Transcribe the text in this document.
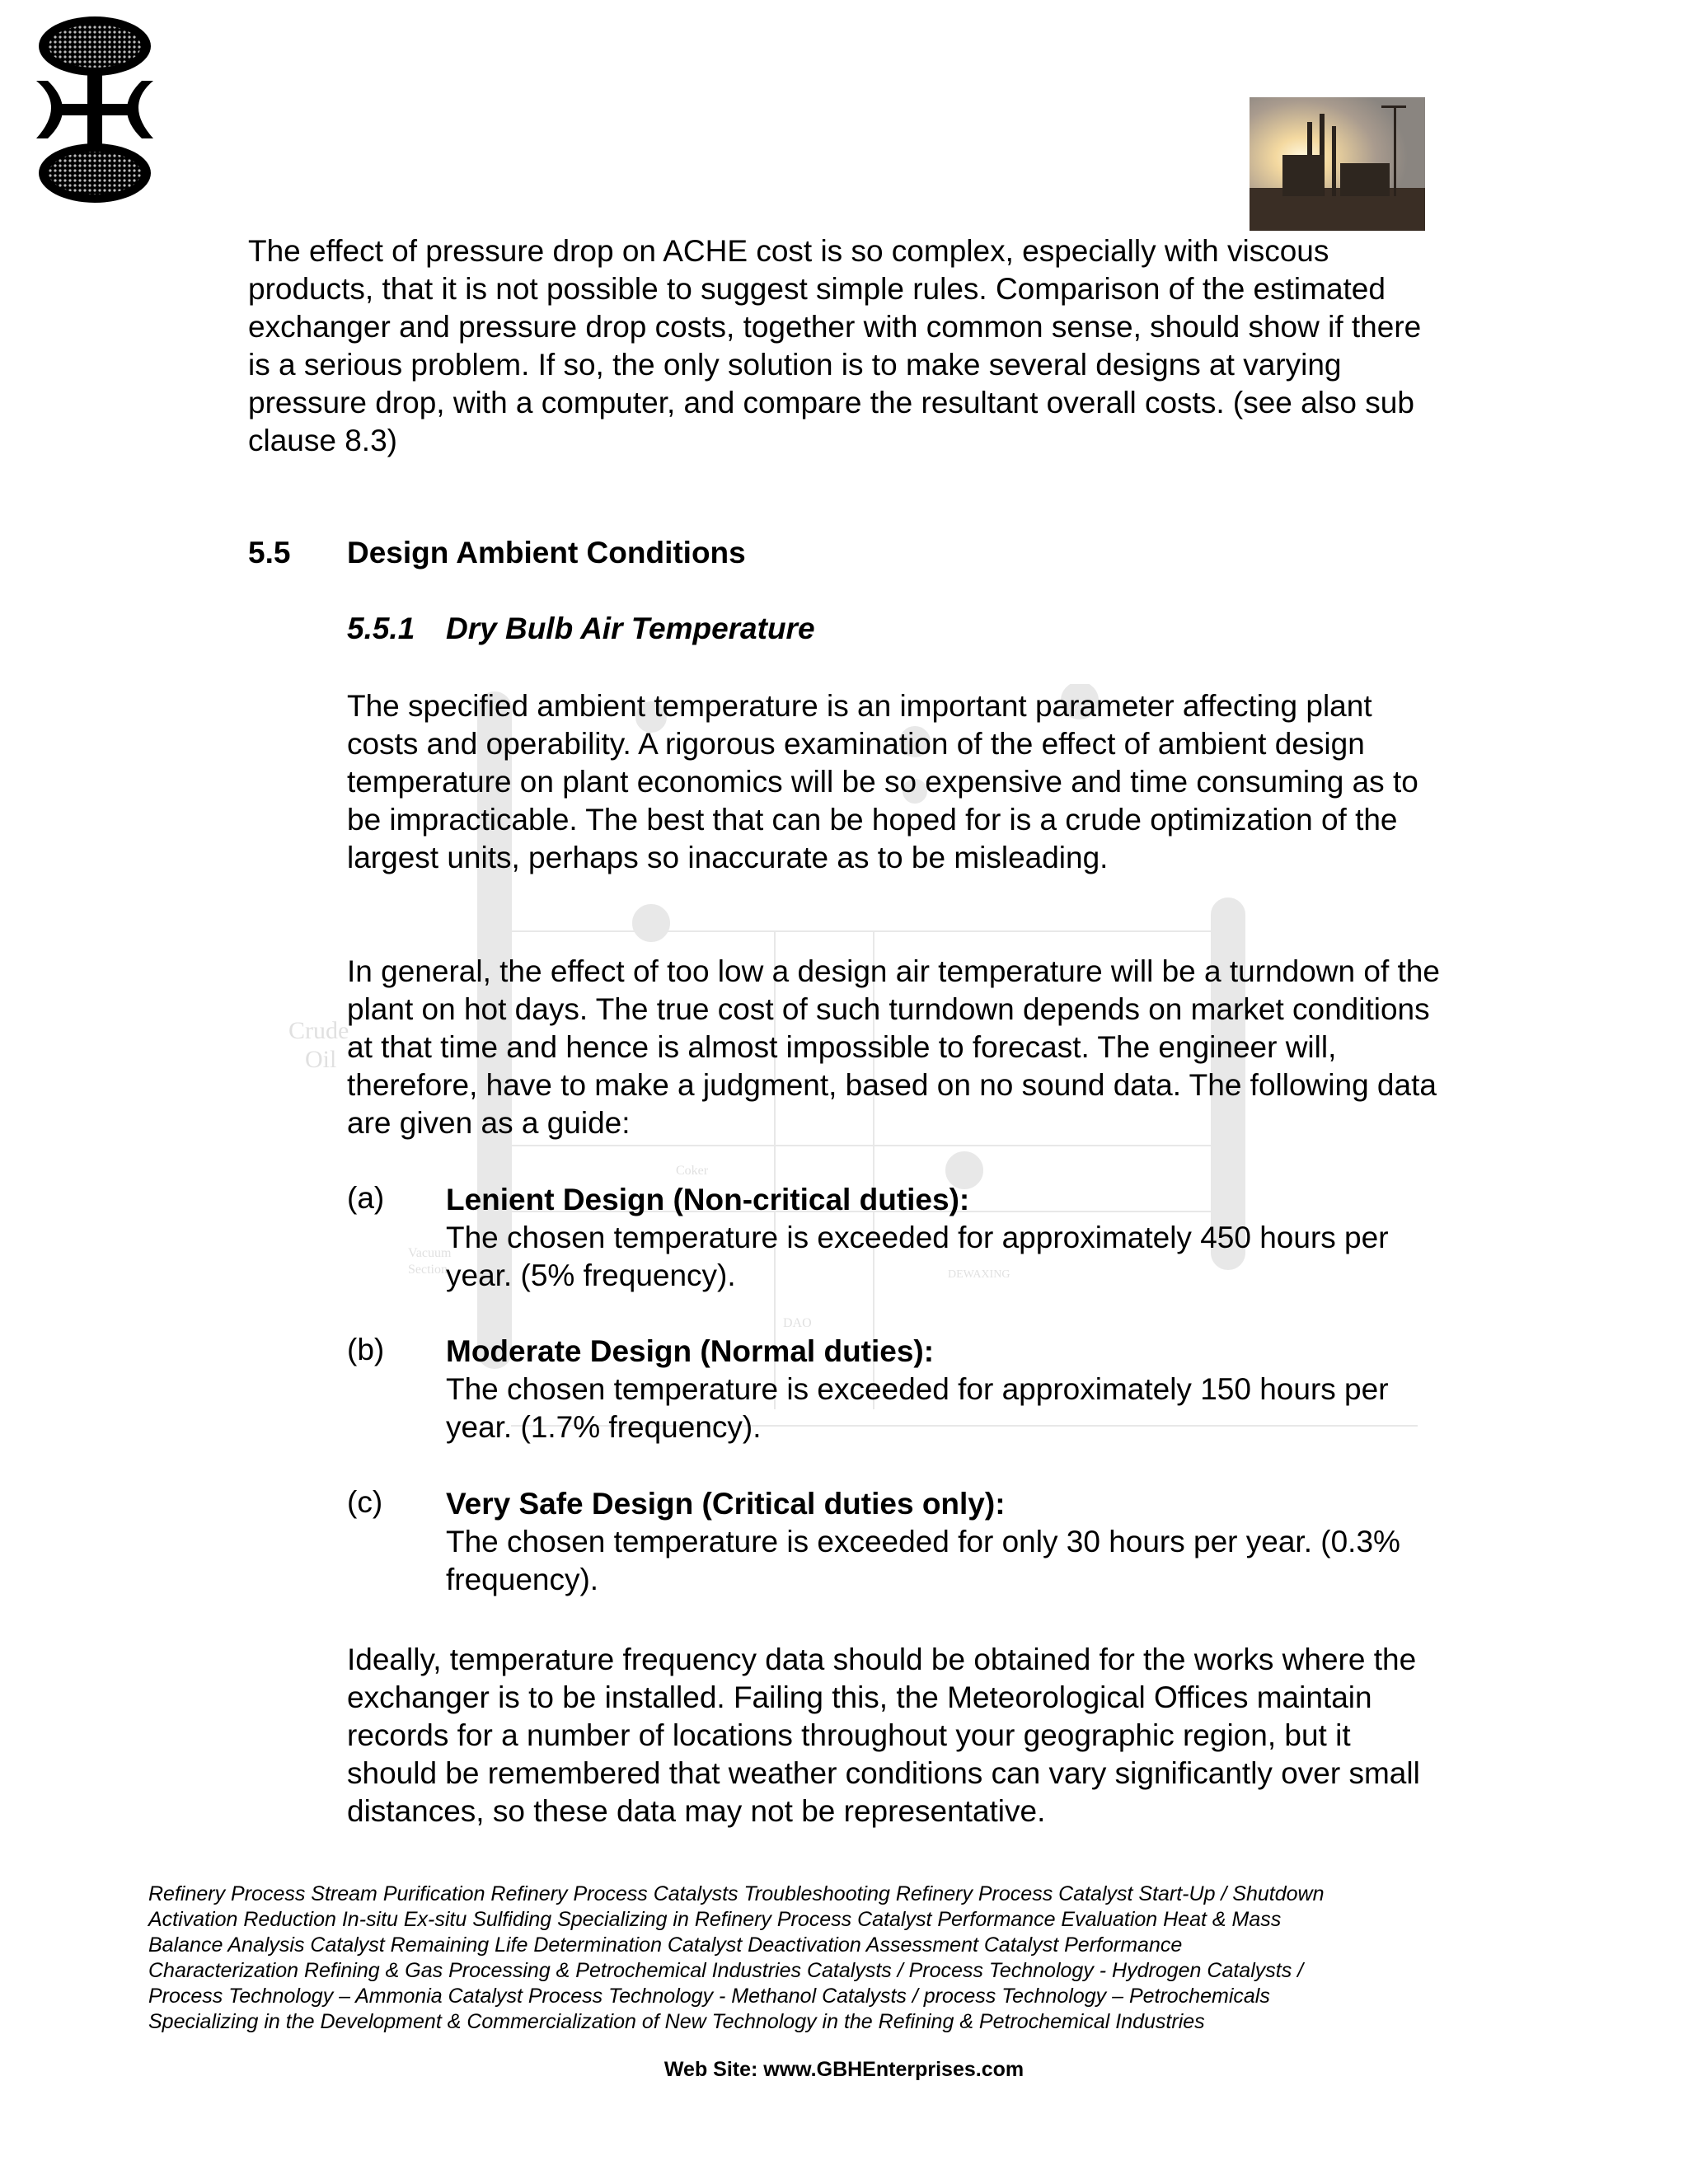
Crude
Oil
Vacuum
Section
Coker
DAO
DEWAXING

The effect of pressure drop on ACHE cost is so complex, especially with viscous products, that it is not possible to suggest simple rules. Comparison of the estimated exchanger and pressure drop costs, together with common sense, should show if there is a serious problem. If so, the only solution is to make several designs at varying pressure drop, with a computer, and compare the resultant overall costs. (see also sub clause 8.3)

5.5 Design Ambient Conditions
5.5.1 Dry Bulb Air Temperature

The specified ambient temperature is an important parameter affecting plant costs and operability. A rigorous examination of the effect of ambient design temperature on plant economics will be so expensive and time consuming as to be impracticable. The best that can be hoped for is a crude optimization of the largest units, perhaps so inaccurate as to be misleading.

In general, the effect of too low a design air temperature will be a turndown of the plant on hot days. The true cost of such turndown depends on market conditions at that time and hence is almost impossible to forecast. The engineer will, therefore, have to make a judgment, based on no sound data. The following data are given as a guide:

(a) Lenient Design (Non-critical duties):
The chosen temperature is exceeded for approximately 450 hours per year. (5% frequency).
(b) Moderate Design (Normal duties):
The chosen temperature is exceeded for approximately 150 hours per year. (1.7% frequency).
(c) Very Safe Design (Critical duties only):
The chosen temperature is exceeded for only 30 hours per year. (0.3% frequency).

Ideally, temperature frequency data should be obtained for the works where the exchanger is to be installed. Failing this, the Meteorological Offices maintain records for a number of locations throughout your geographic region, but it should be remembered that weather conditions can vary significantly over small distances, so these data may not be representative.

Refinery Process Stream Purification Refinery Process Catalysts Troubleshooting Refinery Process Catalyst Start-Up / Shutdown
Activation Reduction In-situ Ex-situ Sulfiding Specializing in Refinery Process Catalyst Performance Evaluation Heat & Mass
Balance Analysis Catalyst Remaining Life Determination Catalyst Deactivation Assessment Catalyst Performance
Characterization Refining & Gas Processing & Petrochemical Industries Catalysts / Process Technology - Hydrogen Catalysts /
Process Technology – Ammonia Catalyst Process Technology - Methanol Catalysts / process Technology – Petrochemicals
Specializing in the Development & Commercialization of New Technology in the Refining & Petrochemical Industries
Web Site: www.GBHEnterprises.com
